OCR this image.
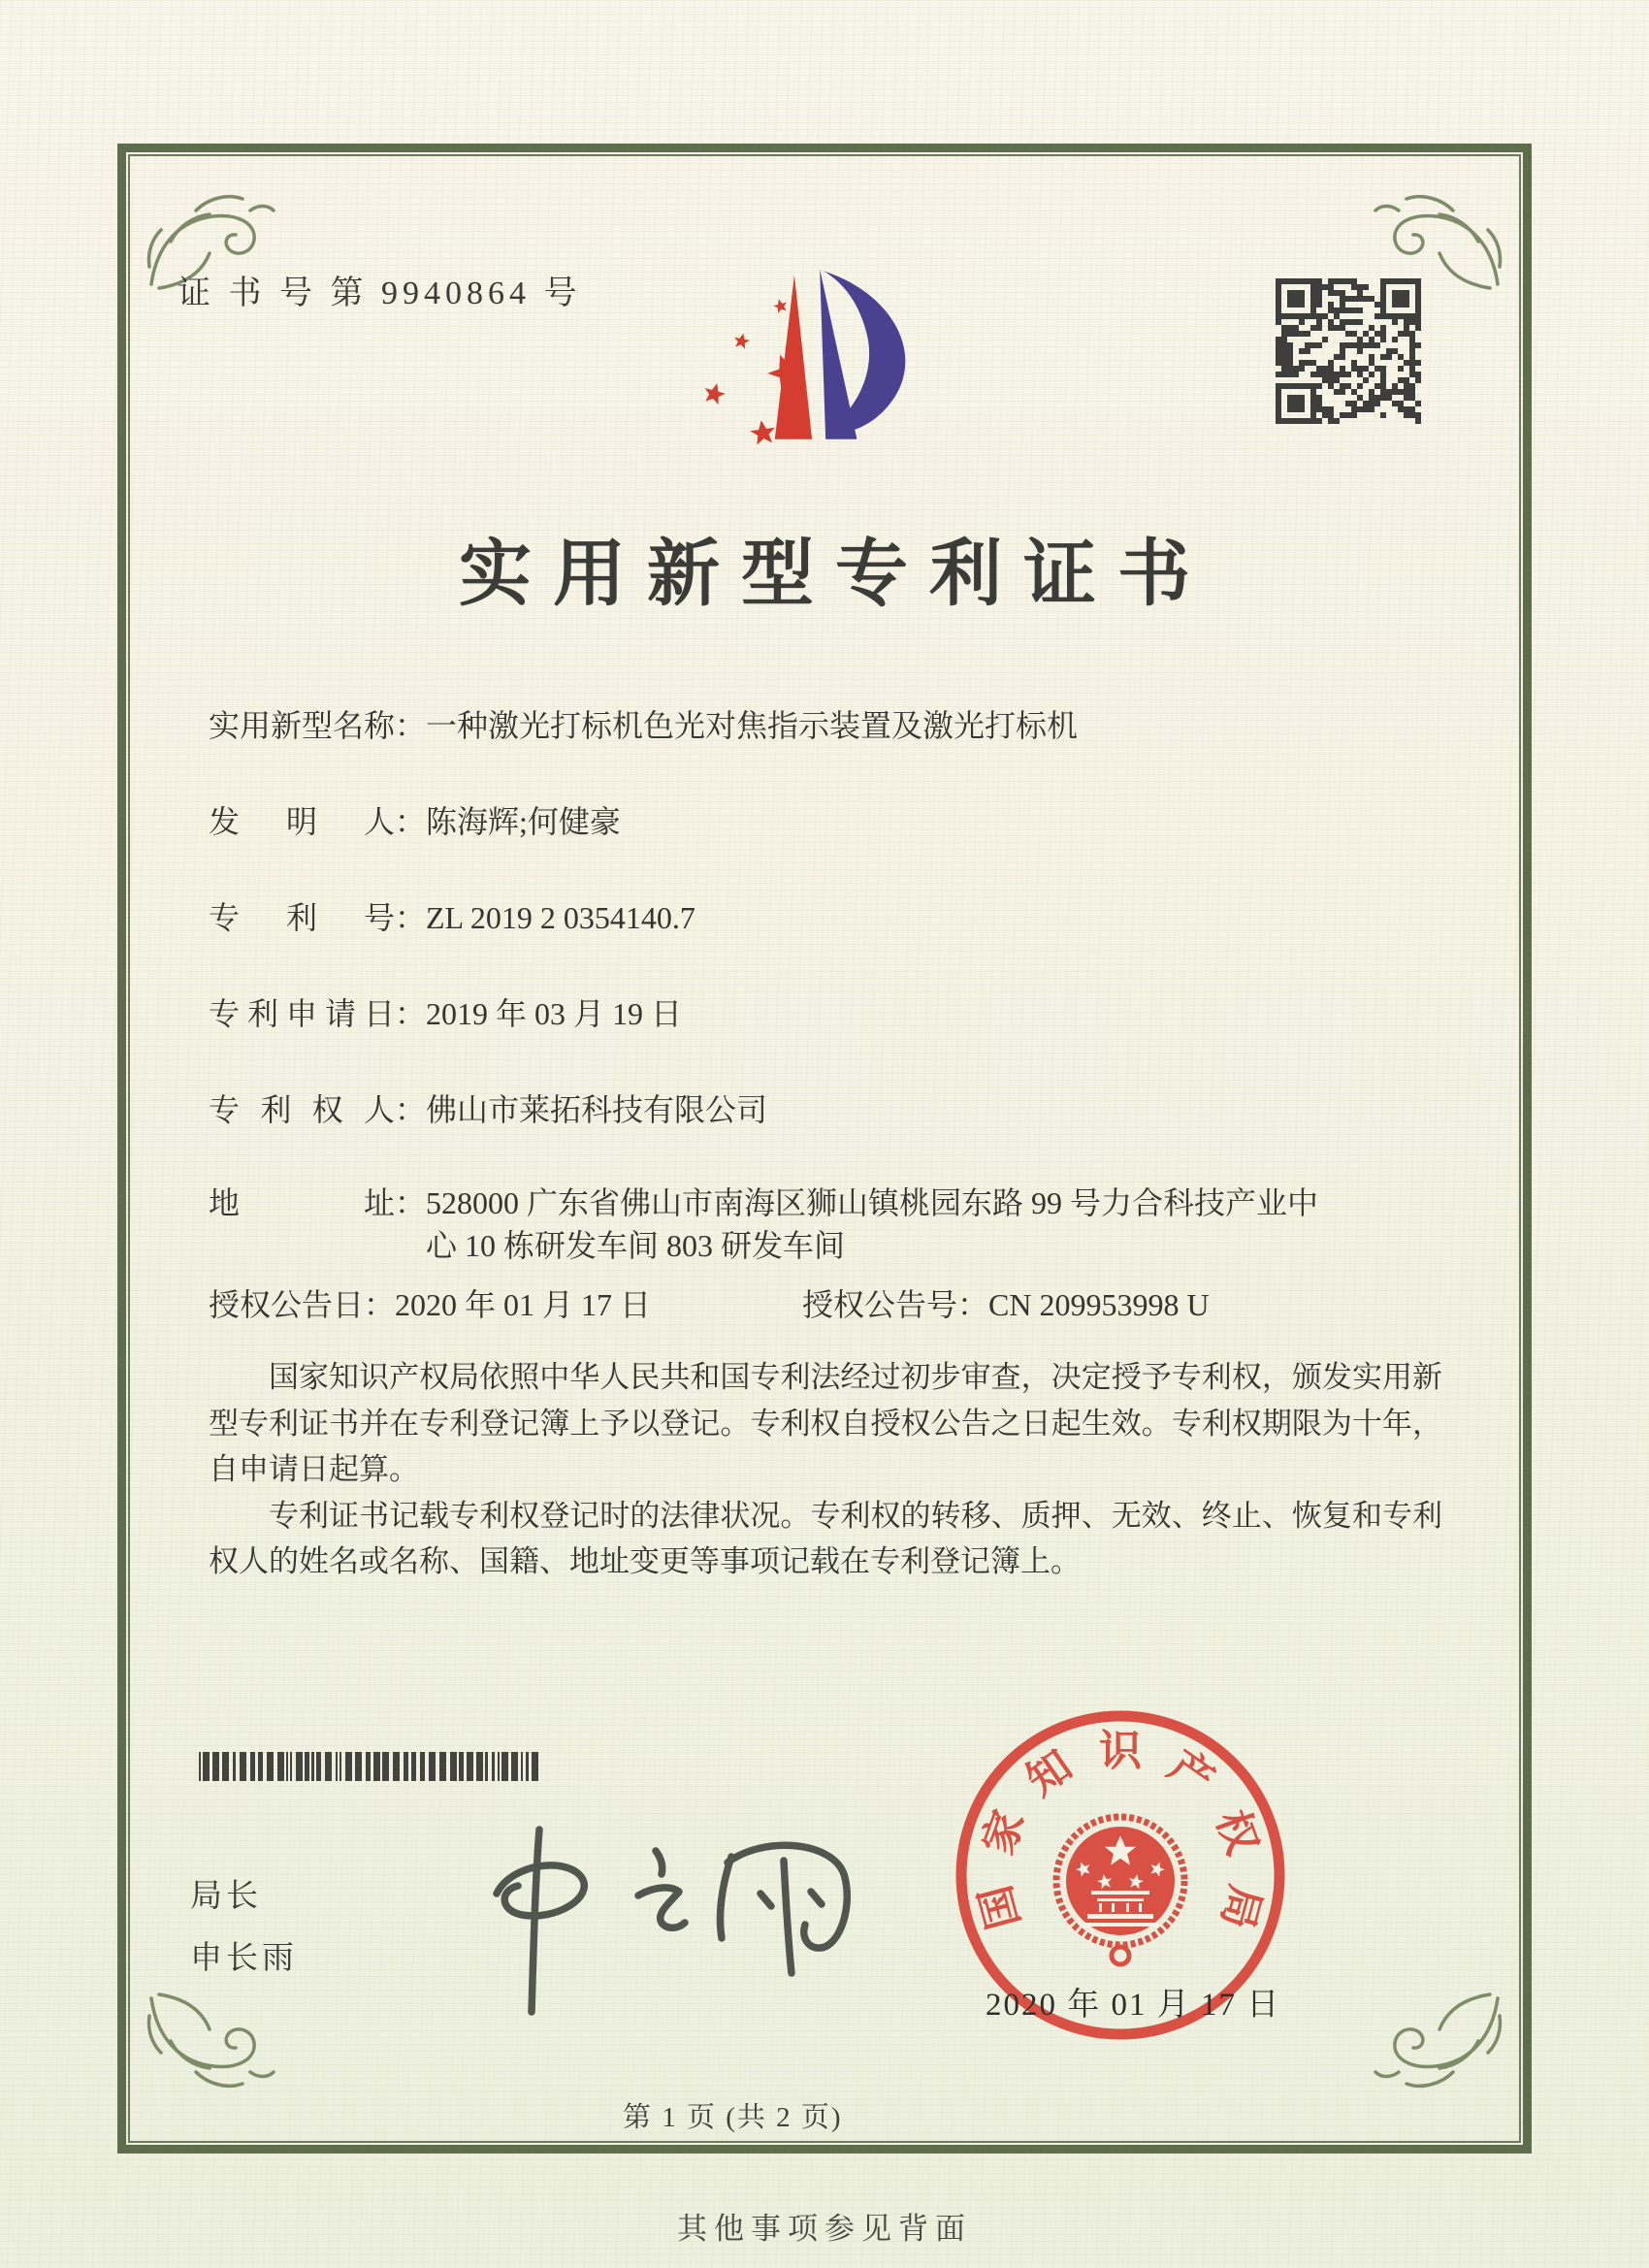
证 书 号 第 9940864 号
实用新型专利证书
实用新型名称 ： 一种激光打标机色光对焦指示装置及激光打标机
发明人 ： 陈海辉;何健豪
专利号 ： ZL 2019 2 0354140.7
专利申请日 ： 2019 年 03 月 19 日
专利权人 ： 佛山市莱拓科技有限公司
地址 ： 528000 广东省佛山市南海区狮山镇桃园东路 99 号力合科技产业中心 10 栋研发车间 803 研发车间
授权公告日：2020 年 01 月 17 日	授权公告号：CN 209953998 U

国家知识产权局依照中华人民共和国专利法经过初步审查，决定授予专利权，颁发实用新型专利证书并在专利登记簿上予以登记。专利权自授权公告之日起生效。专利权期限为十年，自申请日起算。

专利证书记载专利权登记时的法律状况。专利权的转移、质押、无效、终止、恢复和专利权人的姓名或名称、国籍、地址变更等事项记载在专利登记簿上。

局长
申长雨
国
家
知 识 产
权
局
2020 年 01 月 17 日
第 1 页 (共 2 页)
其他事项参见背面
